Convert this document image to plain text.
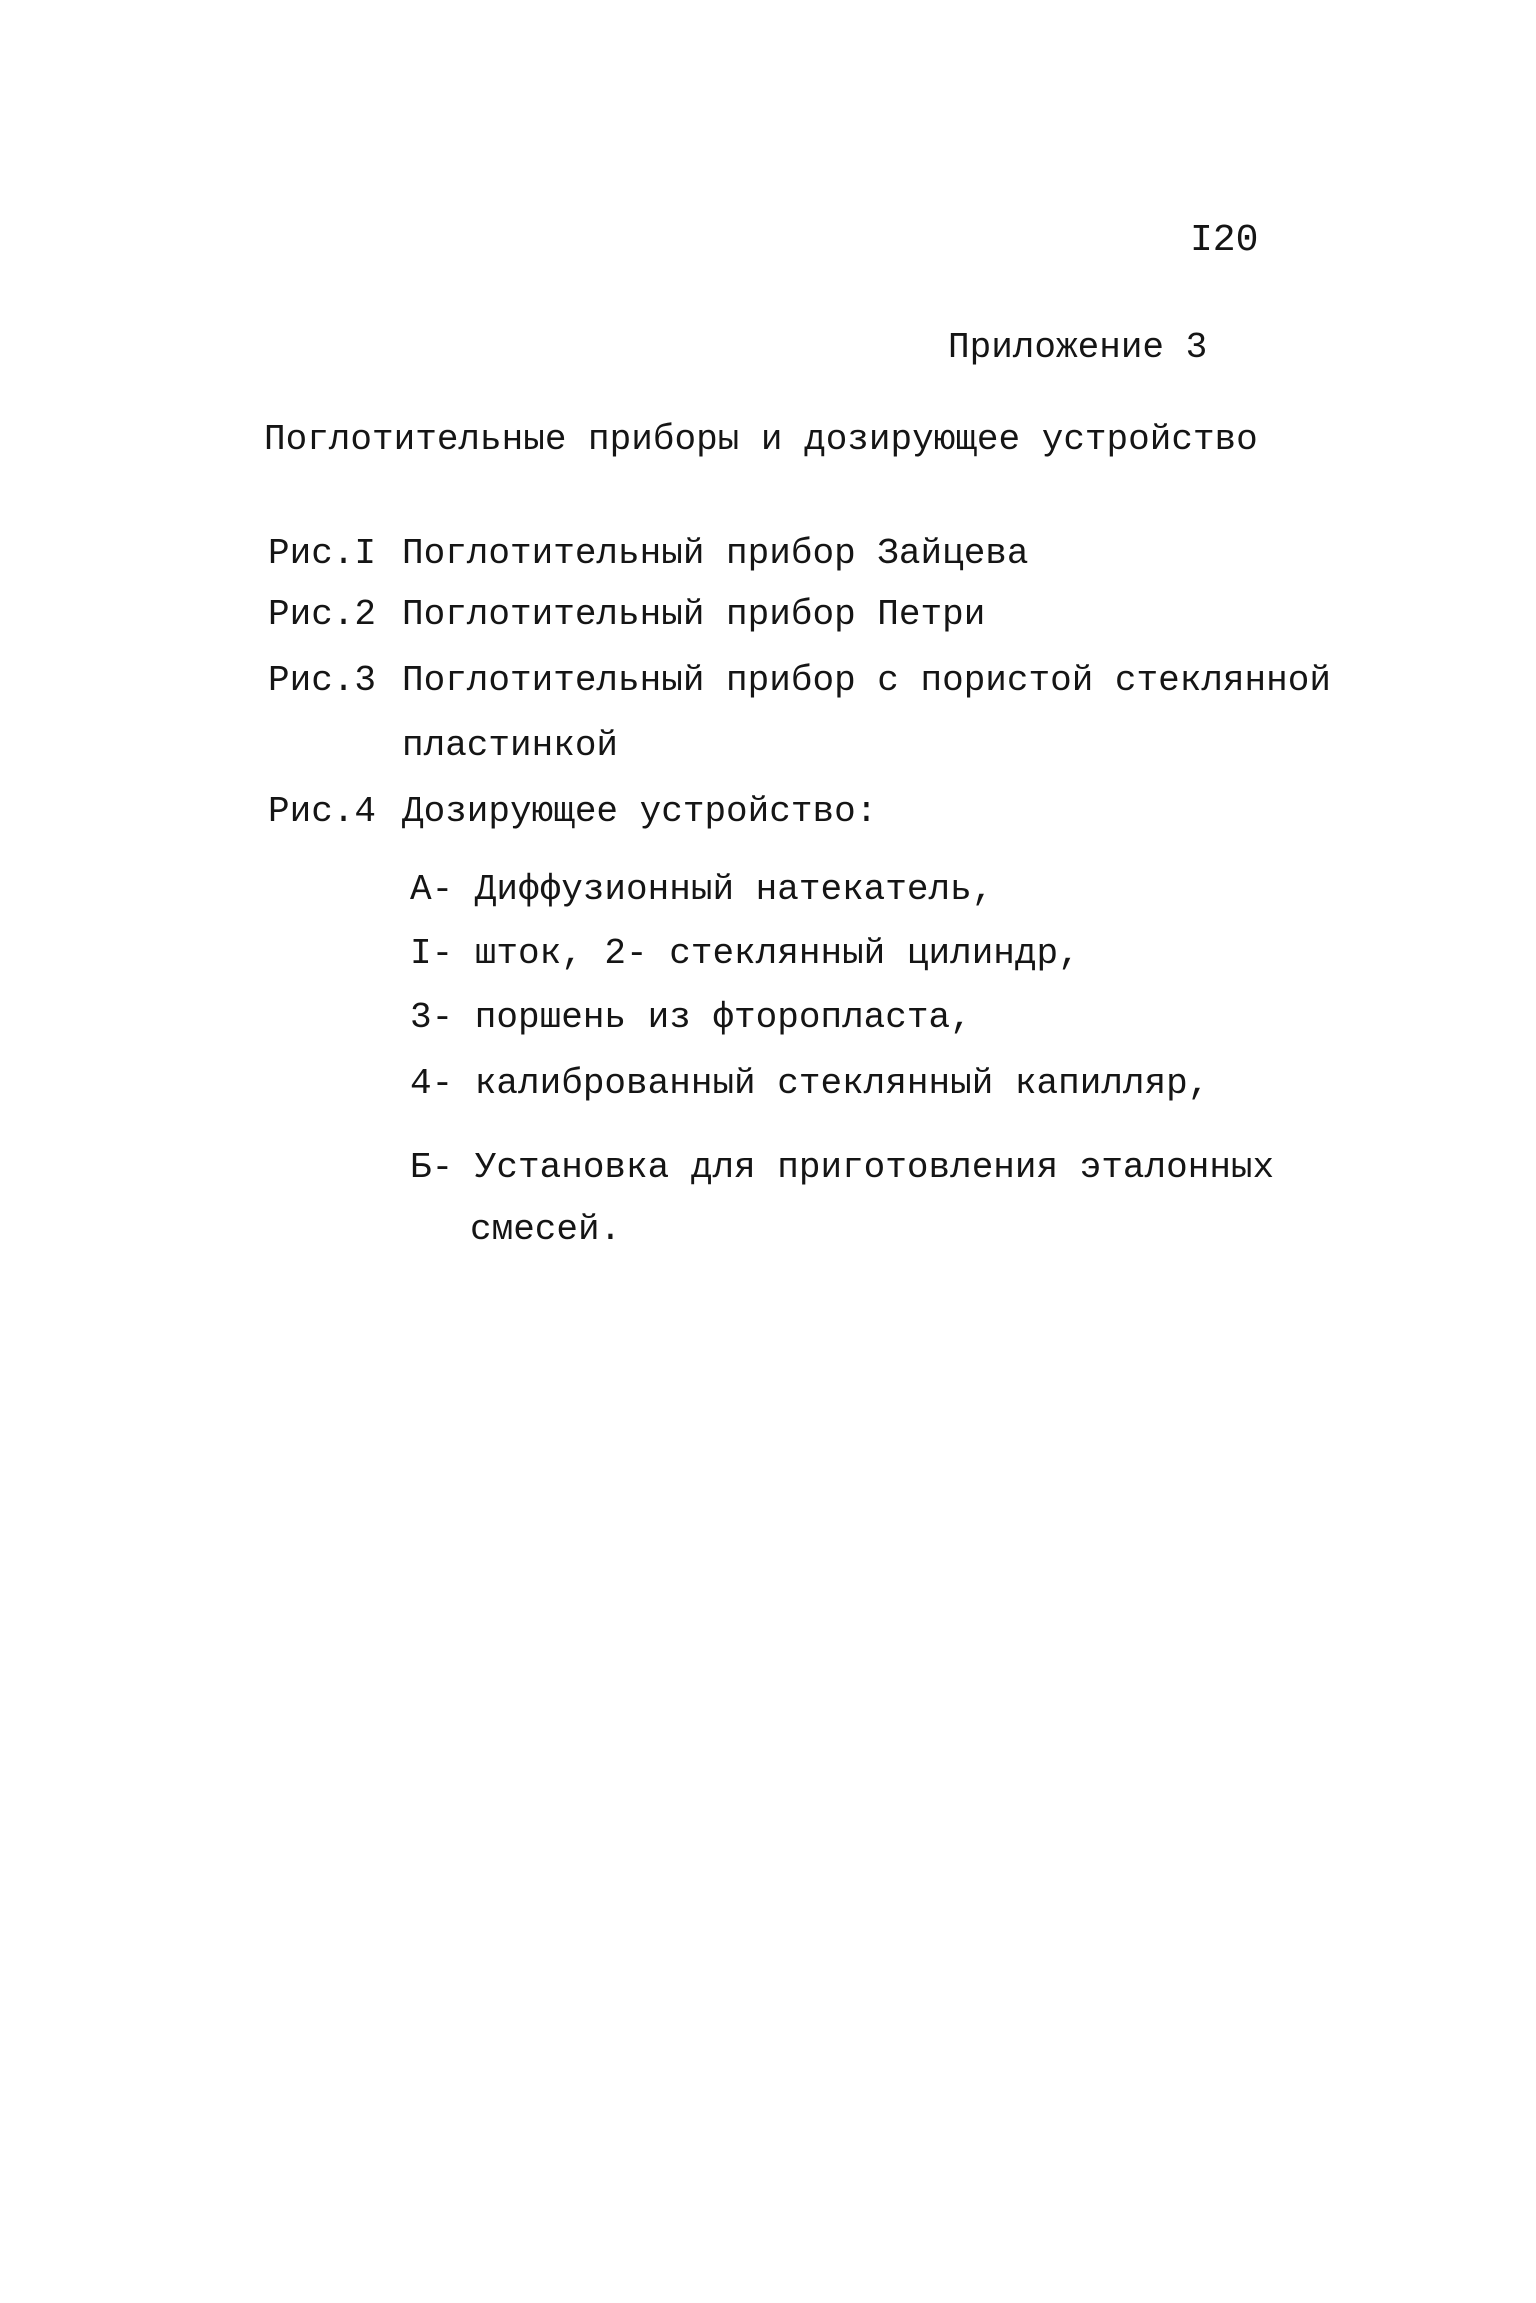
I20
Приложение 3
Поглотительные приборы и дозирующее устройство
Рис.I Поглотительный прибор Зайцева
Рис.2 Поглотительный прибор Петри
Рис.3 Поглотительный прибор с пористой стеклянной
пластинкой
Рис.4 Дозирующее устройство:
А- Диффузионный натекатель,
I- шток, 2- стеклянный цилиндр,
3- поршень из фторопласта,
4- калиброванный стеклянный капилляр,
Б- Установка для приготовления эталонных
смесей.
